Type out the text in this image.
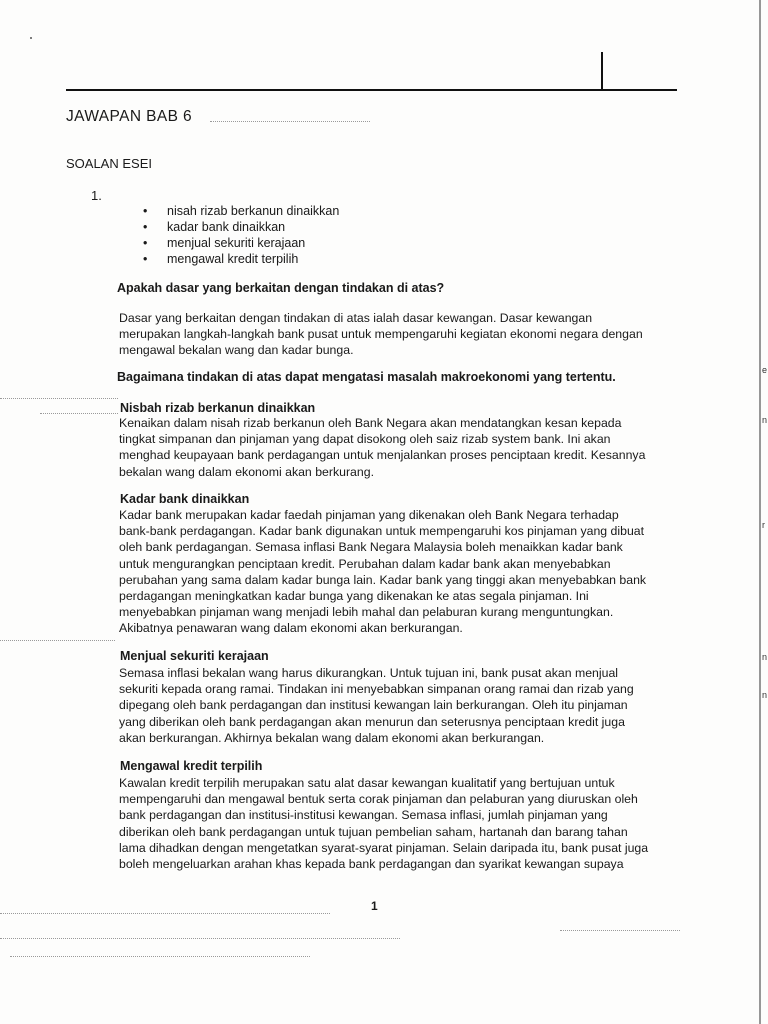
JAWAPAN BAB 6
SOALAN ESEI
1.
• nisah rizab berkanun dinaikkan
• kadar bank dinaikkan
• menjual sekuriti kerajaan
• mengawal kredit terpilih

Apakah dasar yang berkaitan dengan tindakan di atas?

Dasar yang berkaitan dengan tindakan di atas ialah dasar kewangan. Dasar kewangan
merupakan langkah-langkah bank pusat untuk mempengaruhi kegiatan ekonomi negara dengan
mengawal bekalan wang dan kadar bunga.

Bagaimana tindakan di atas dapat mengatasi masalah makroekonomi yang tertentu.

Nisbah rizab berkanun dinaikkan

Kenaikan dalam nisah rizab berkanun oleh Bank Negara akan mendatangkan kesan kepada
tingkat simpanan dan pinjaman yang dapat disokong oleh saiz rizab system bank. Ini akan
menghad keupayaan bank perdagangan untuk menjalankan proses penciptaan kredit. Kesannya
bekalan wang dalam ekonomi akan berkurang.

Kadar bank dinaikkan

Kadar bank merupakan kadar faedah pinjaman yang dikenakan oleh Bank Negara terhadap
bank-bank perdagangan. Kadar bank digunakan untuk mempengaruhi kos pinjaman yang dibuat
oleh bank perdagangan. Semasa inflasi Bank Negara Malaysia boleh menaikkan kadar bank
untuk mengurangkan penciptaan kredit. Perubahan dalam kadar bank akan menyebabkan
perubahan yang sama dalam kadar bunga lain. Kadar bank yang tinggi akan menyebabkan bank
perdagangan meningkatkan kadar bunga yang dikenakan ke atas segala pinjaman. Ini
menyebabkan pinjaman wang menjadi lebih mahal dan pelaburan kurang menguntungkan.
Akibatnya penawaran wang dalam ekonomi akan berkurangan.

Menjual sekuriti kerajaan

Semasa inflasi bekalan wang harus dikurangkan. Untuk tujuan ini, bank pusat akan menjual
sekuriti kepada orang ramai. Tindakan ini menyebabkan simpanan orang ramai dan rizab yang
dipegang oleh bank perdagangan dan institusi kewangan lain berkurangan. Oleh itu pinjaman
yang diberikan oleh bank perdagangan akan menurun dan seterusnya penciptaan kredit juga
akan berkurangan. Akhirnya bekalan wang dalam ekonomi akan berkurangan.

Mengawal kredit terpilih

Kawalan kredit terpilih merupakan satu alat dasar kewangan kualitatif yang bertujuan untuk
mempengaruhi dan mengawal bentuk serta corak pinjaman dan pelaburan yang diuruskan oleh
bank perdagangan dan institusi-institusi kewangan. Semasa inflasi, jumlah pinjaman yang
diberikan oleh bank perdagangan untuk tujuan pembelian saham, hartanah dan barang tahan
lama dihadkan dengan mengetatkan syarat-syarat pinjaman. Selain daripada itu, bank pusat juga
boleh mengeluarkan arahan khas kepada bank perdagangan dan syarikat kewangan supaya

1
e
n
r
n
n
